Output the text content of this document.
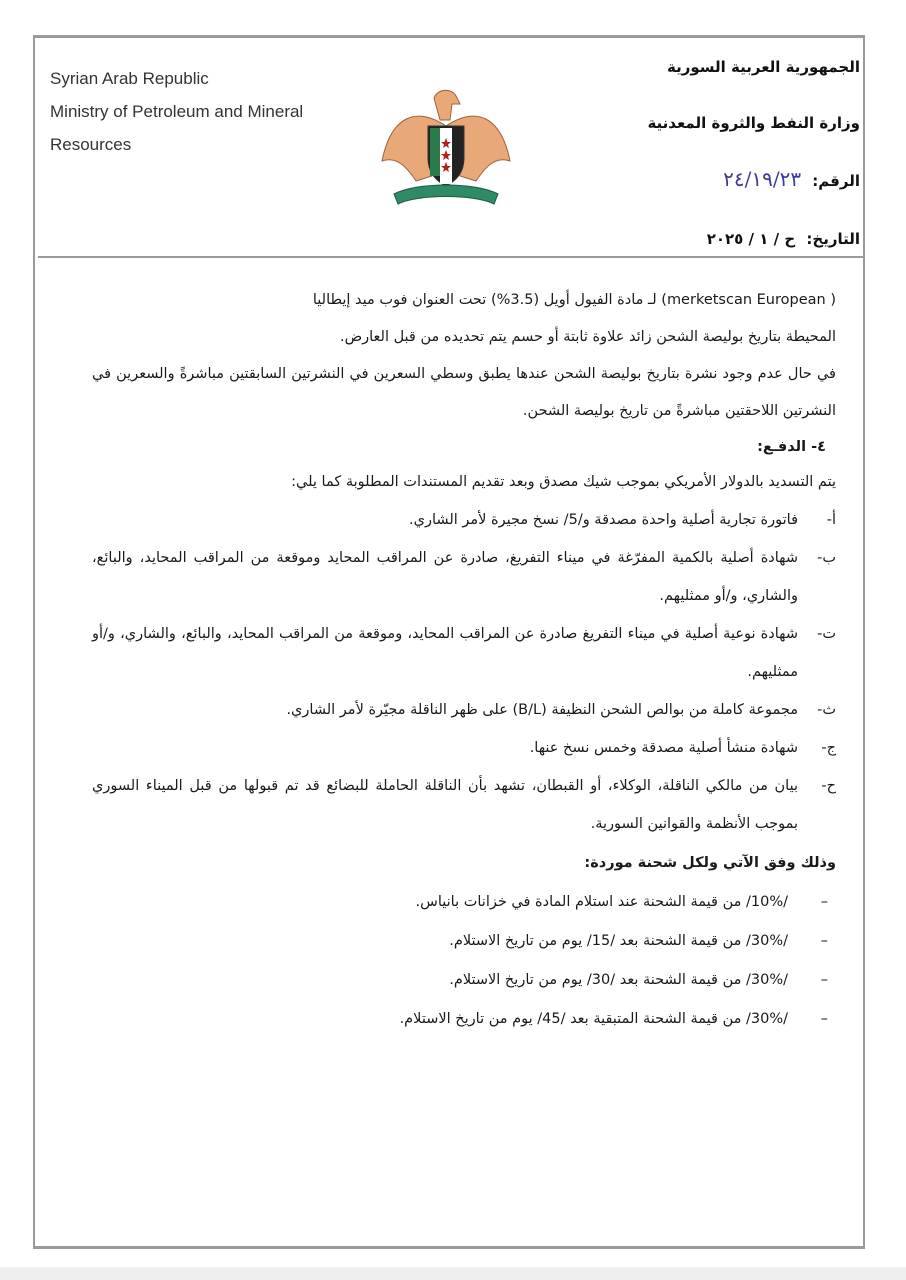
Syrian Arab Republic
Ministry of Petroleum and Mineral
Resources
الجمهورية العربية السورية
وزارة النفط والثروة المعدنية
الرقم: ٢٤/١٩/٢٣
التاريخ: ح / ١ / ٢٠٢٥
( merketscan European) لـ مادة الفيول أويل (3.5%) تحت العنوان فوب ميد إيطاليا
المحيطة بتاريخ بوليصة الشحن زائد علاوة ثابتة أو حسم يتم تحديده من قبل العارض.
في حال عدم وجود نشرة بتاريخ بوليصة الشحن عندها يطبق وسطي السعرين في النشرتين السابقتين مباشرةً والسعرين في النشرتين اللاحقتين مباشرةً من تاريخ بوليصة الشحن.
٤- الدفـع:
يتم التسديد بالدولار الأمريكي بموجب شيك مصدق وبعد تقديم المستندات المطلوبة كما يلي:
أ-
فاتورة تجارية أصلية واحدة مصدقة و/5/ نسخ مجيرة لأمر الشاري.
ب-
شهادة أصلية بالكمية المفرّغة في ميناء التفريغ، صادرة عن المراقب المحايد وموقعة من المراقب المحايد، والبائع، والشاري، و/أو ممثليهم.
ت-
شهادة نوعية أصلية في ميناء التفريغ صادرة عن المراقب المحايد، وموقعة من المراقب المحايد، والبائع، والشاري، و/أو ممثليهم.
ث-
مجموعة كاملة من بوالص الشحن النظيفة (B/L) على ظهر الناقلة مجيّرة لأمر الشاري.
ج-
شهادة منشأ أصلية مصدقة وخمس نسخ عنها.
ح-
بيان من مالكي الناقلة، الوكلاء، أو القبطان، تشهد بأن الناقلة الحاملة للبضائع قد تم قبولها من قبل الميناء السوري بموجب الأنظمة والقوانين السورية.
وذلك وفق الآتي ولكل شحنة موردة:
–
/10%/ من قيمة الشحنة عند استلام المادة في خزانات بانياس.
–
/30%/ من قيمة الشحنة بعد /15/ يوم من تاريخ الاستلام.
–
/30%/ من قيمة الشحنة بعد /30/ يوم من تاريخ الاستلام.
–
/30%/ من قيمة الشحنة المتبقية بعد /45/ يوم من تاريخ الاستلام.
